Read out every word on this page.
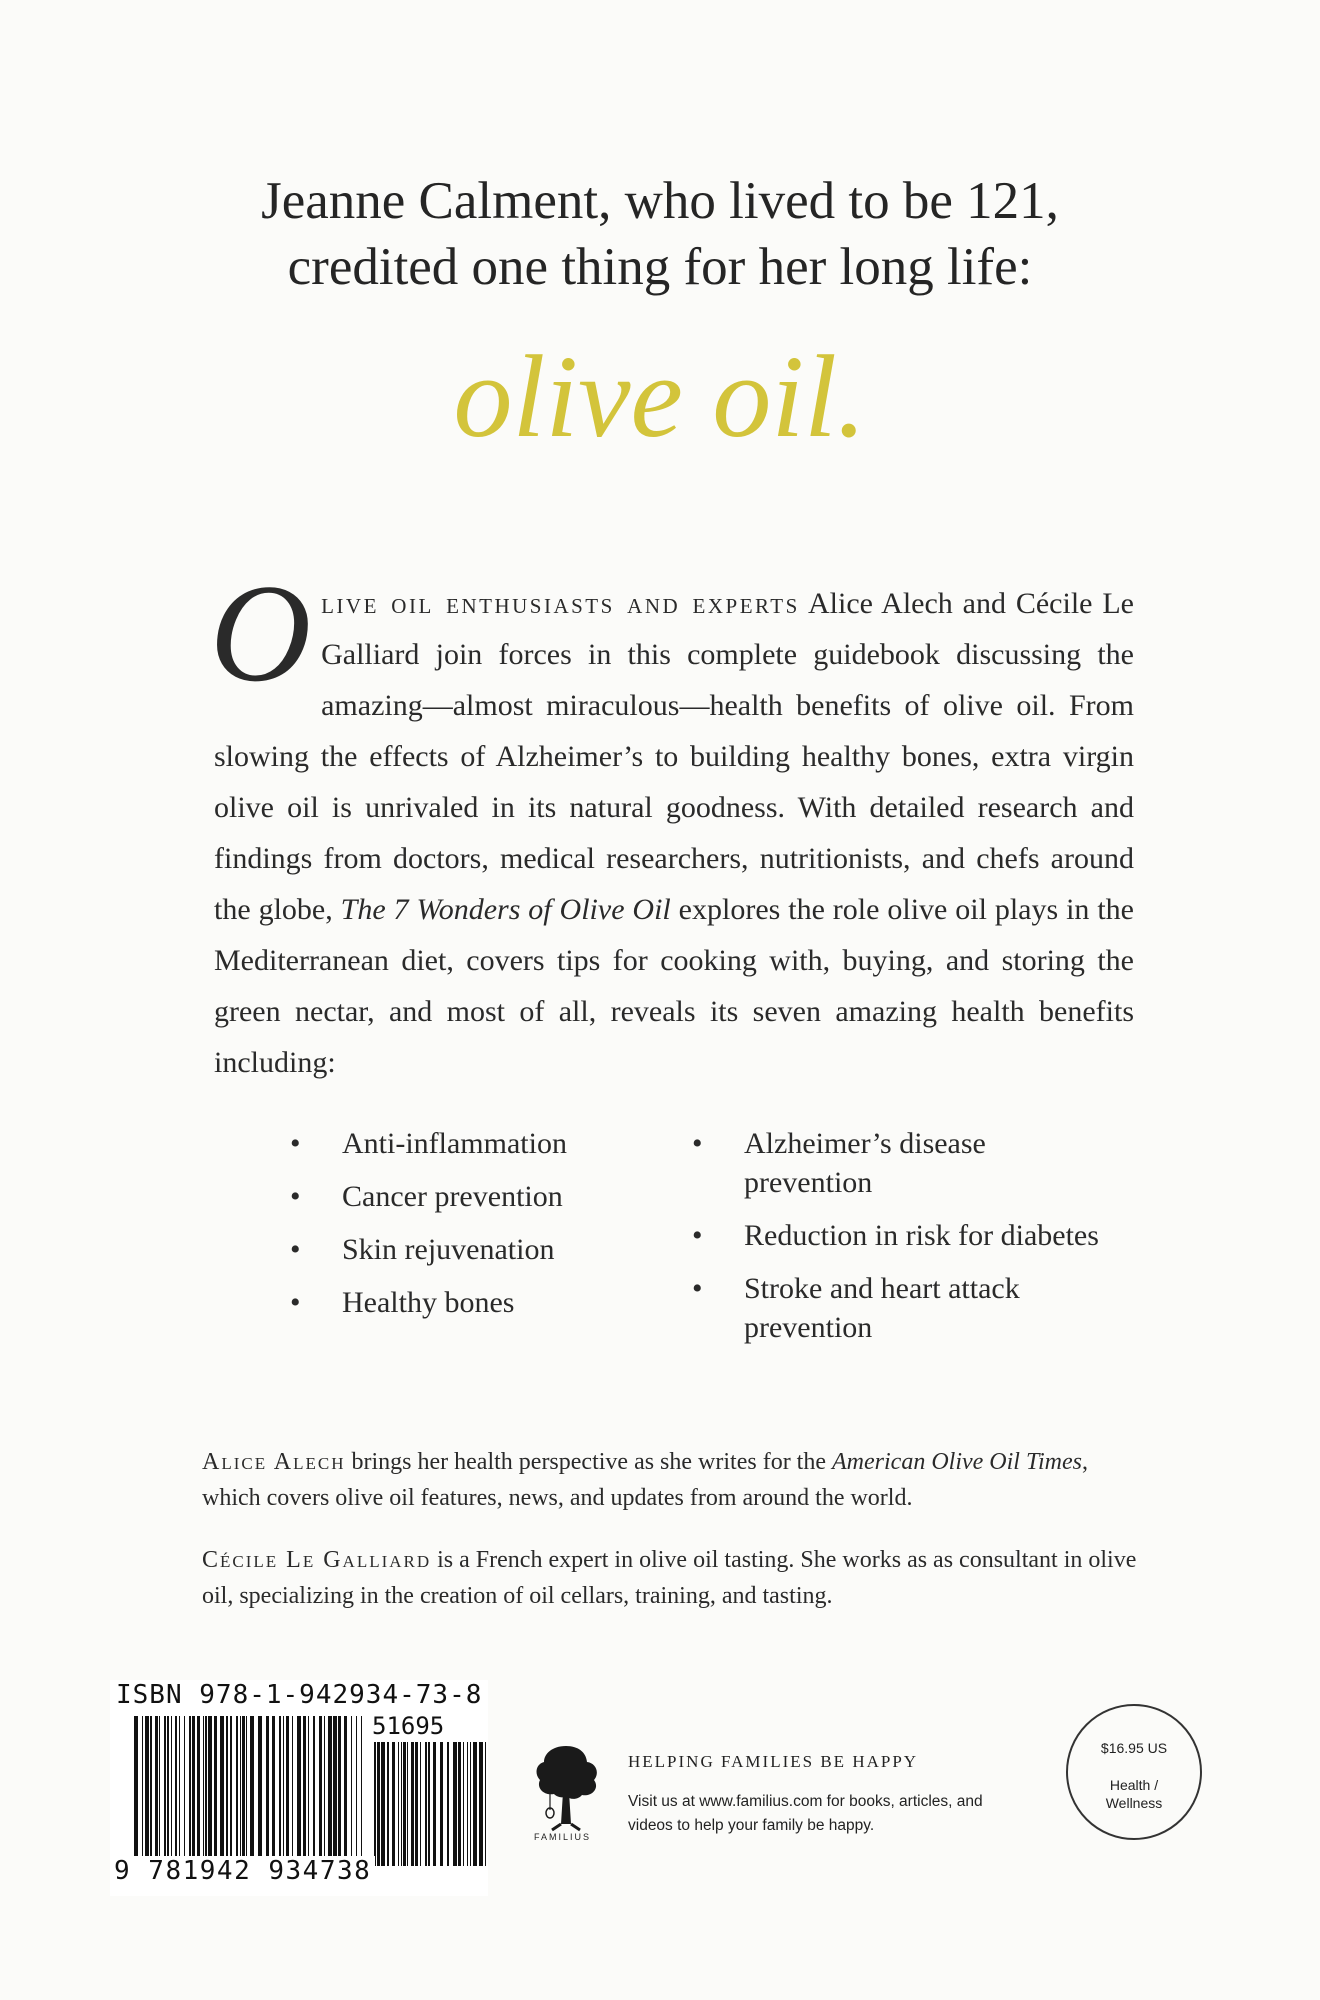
Jeanne Calment, who lived to be 121,
credited one thing for her long life:
olive oil.
Olive oil enthusiasts and experts Alice Alech and Cécile Le Galliard join forces in this complete guidebook discussing the amazing—almost miraculous—health benefits of olive oil. From slowing the effects of Alzheimer’s to building healthy bones, extra virgin olive oil is unrivaled in its natural goodness. With detailed research and findings from doctors, medical researchers, nutritionists, and chefs around the globe, The 7 Wonders of Olive Oil explores the role olive oil plays in the Mediterranean diet, covers tips for cooking with, buying, and storing the green nectar, and most of all, reveals its seven amazing health benefits including:
• Anti-inflammation
• Cancer prevention
• Skin rejuvenation
• Healthy bones
• Alzheimer’s disease prevention
• Reduction in risk for diabetes
• Stroke and heart attack prevention
Alice Alech brings her health perspective as she writes for the American Olive Oil Times, which covers olive oil features, news, and updates from around the world.
Cécile Le Galliard is a French expert in olive oil tasting. She works as as consultant in olive oil, specializing in the creation of oil cellars, training, and tasting.
ISBN 978-1-942934-73-8
51695
9 781942 934738
FAMILIUS
HELPING FAMILIES BE HAPPY
Visit us at www.familius.com for books, articles, and videos to help your family be happy.
$16.95 US
Health /
Wellness
